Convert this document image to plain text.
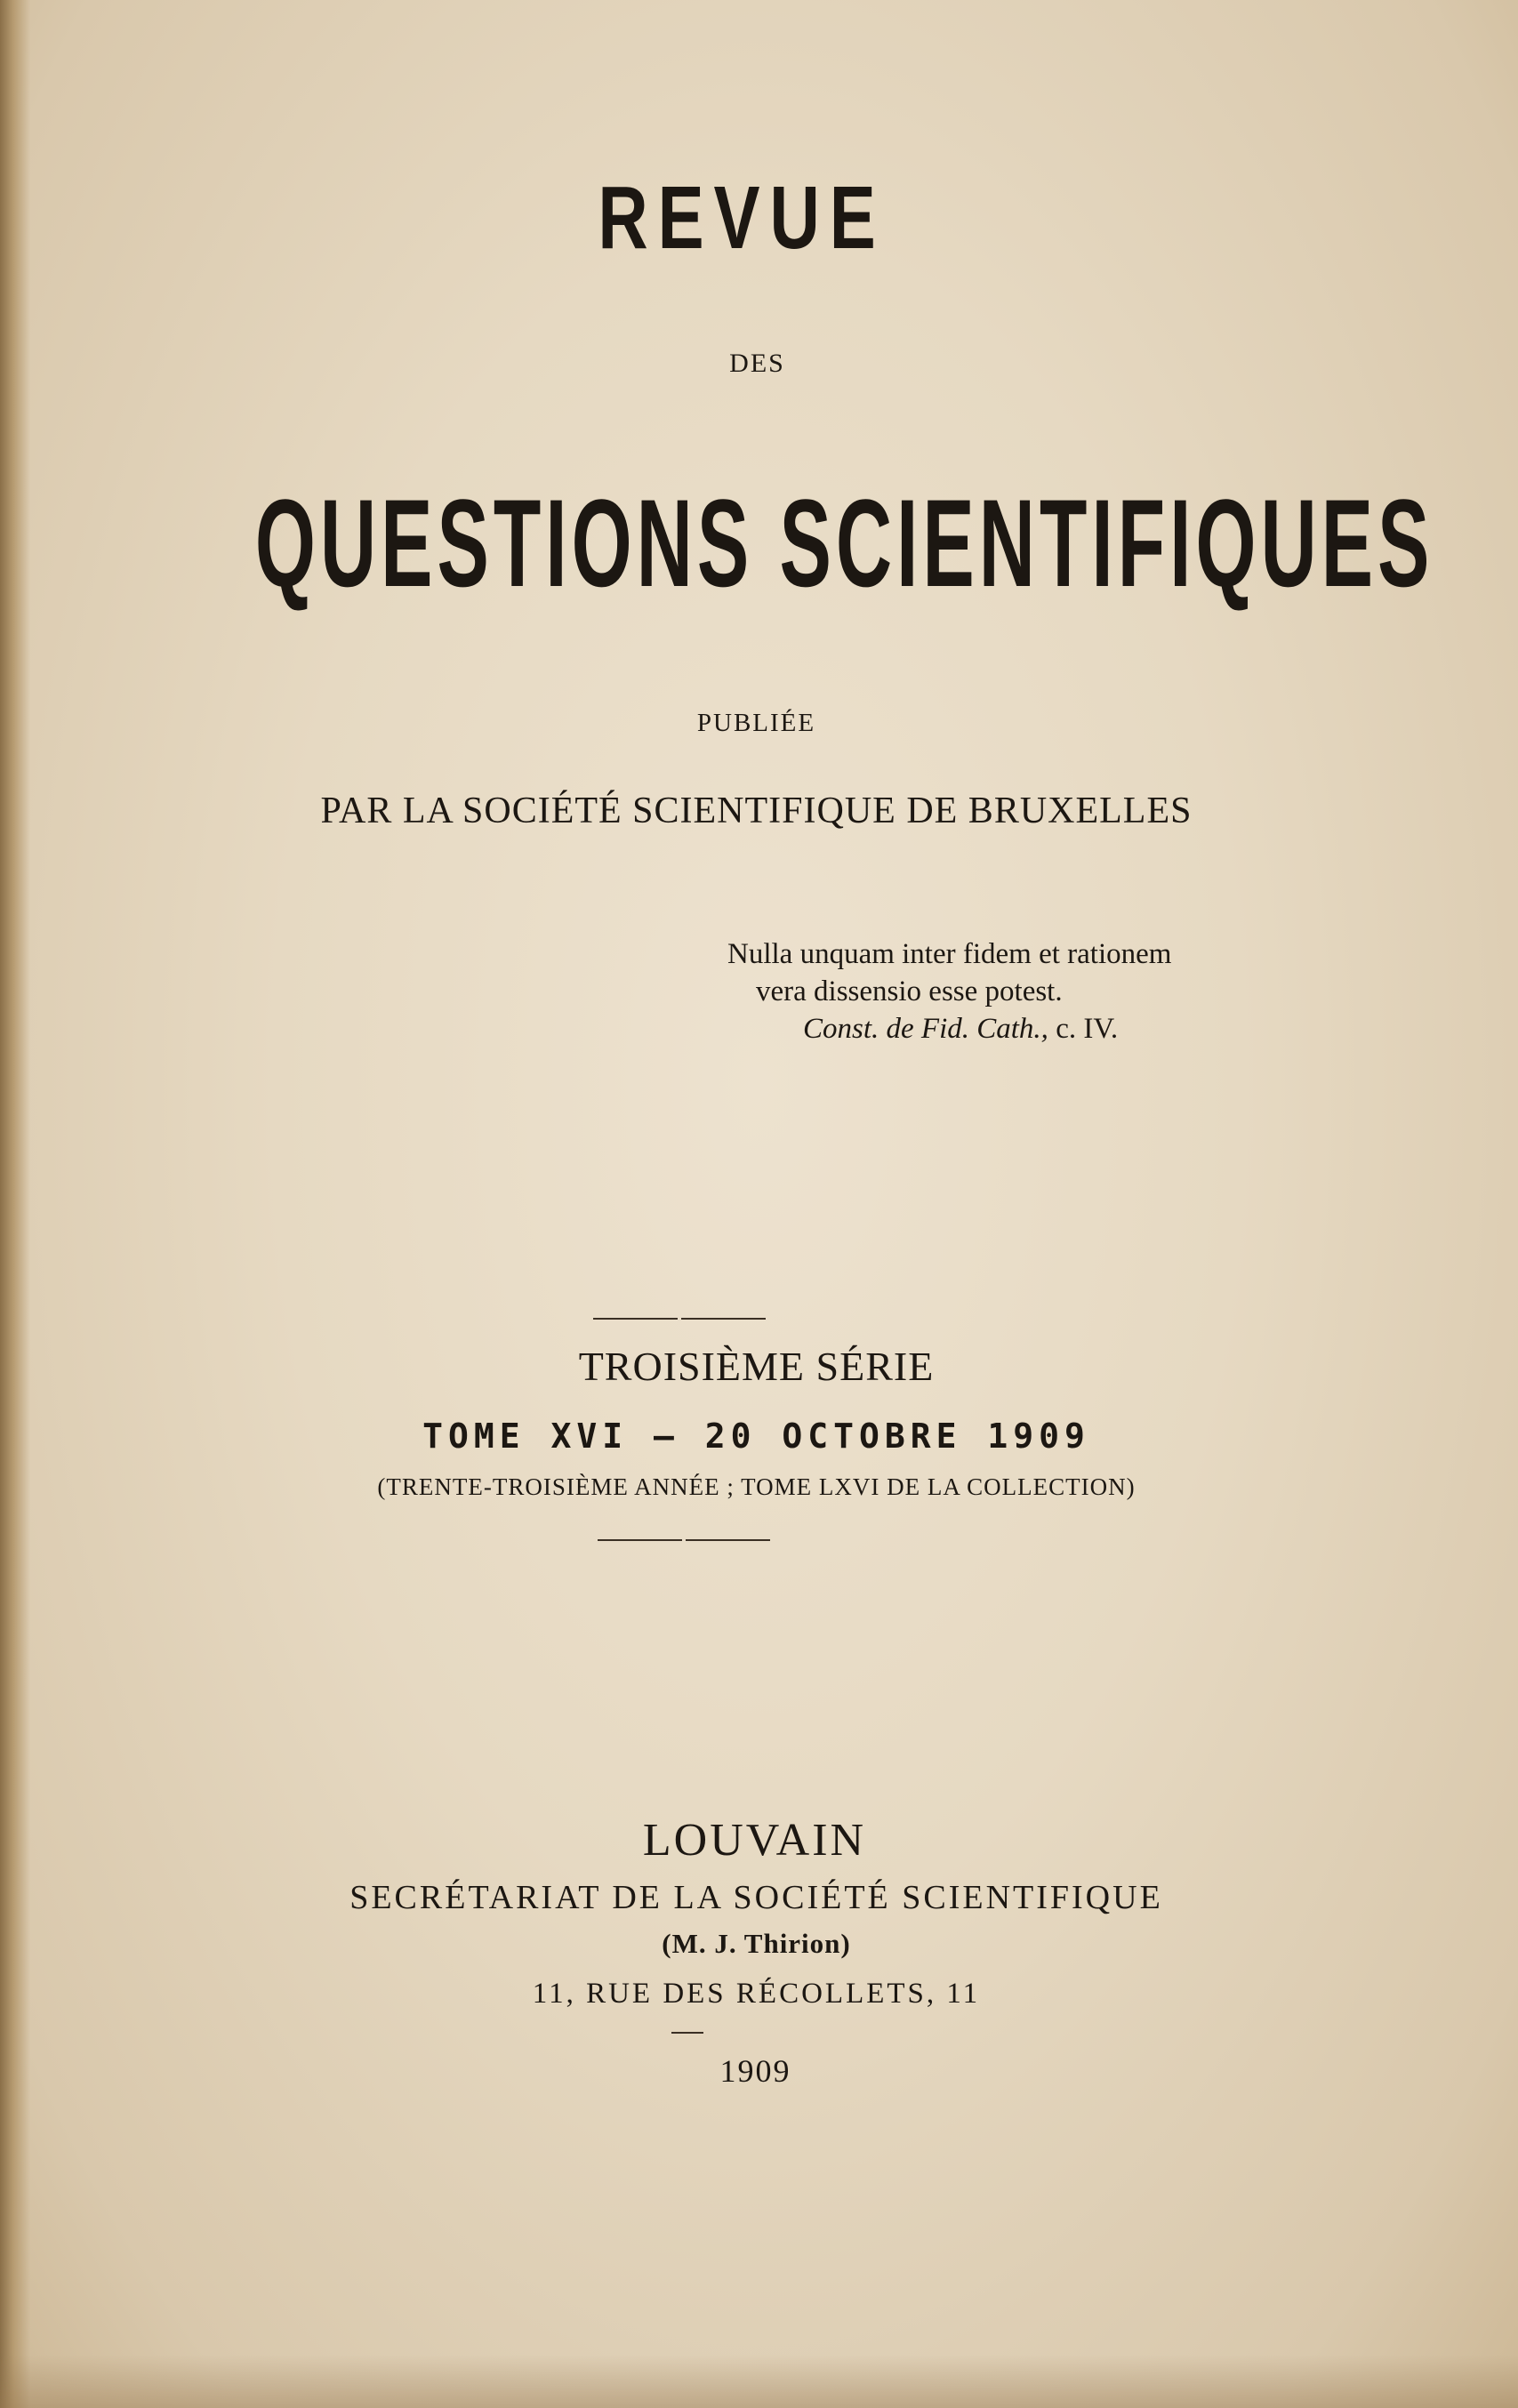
REVUE
DES
QUESTIONS SCIENTIFIQUES
PUBLIÉE
PAR LA SOCIÉTÉ SCIENTIFIQUE DE BRUXELLES
Nulla unquam inter fidem et rationem
vera dissensio esse potest.
Const. de Fid. Cath., c. IV.
TROISIÈME SÉRIE
TOME XVI — 20 OCTOBRE 1909
(TRENTE-TROISIÈME ANNÉE ; TOME LXVI DE LA COLLECTION)
LOUVAIN
SECRÉTARIAT DE LA SOCIÉTÉ SCIENTIFIQUE
(M. J. Thirion)
11, RUE DES RÉCOLLETS, 11
1909
